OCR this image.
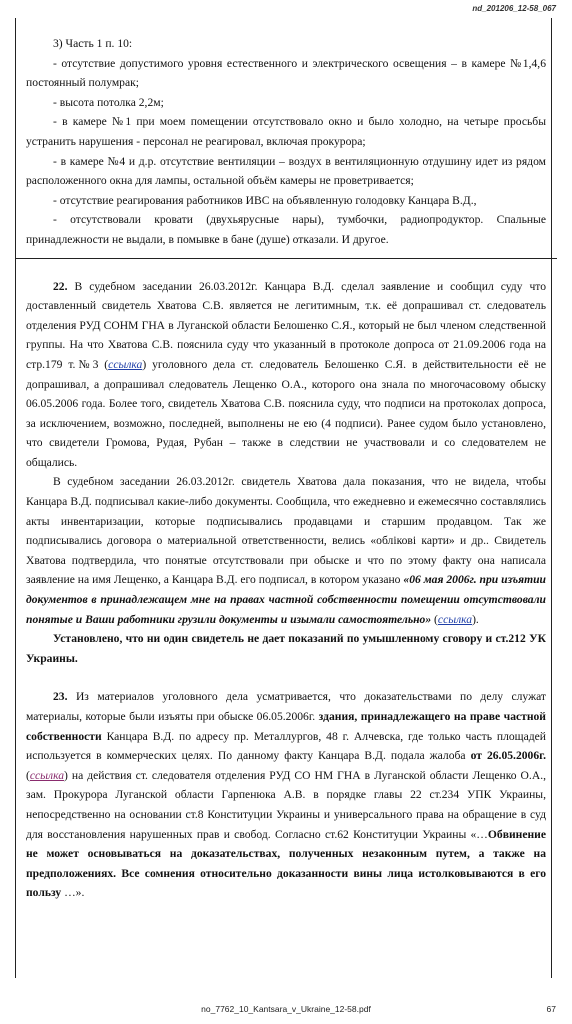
nd_201206_12-58_067

3) Часть 1 п. 10:

- отсутствие допустимого уровня естественного и электрического освещения – в камере №1,4,6 постоянный полумрак;

- высота потолка 2,2м;

- в камере №1 при моем помещении отсутствовало окно и было холодно, на четыре просьбы устранить нарушения - персонал не реагировал, включая прокурора;

- в камере №4 и д.р. отсутствие вентиляции – воздух в вентиляционную отдушину идет из рядом расположенного окна для лампы, остальной объём камеры не проветривается;

- отсутствие реагирования работников ИВС на объявленную голодовку Канцара В.Д.,

- отсутствовали кровати (двухьярусные нары), тумбочки, радиопродуктор. Спальные принадлежности не выдали, в помывке в бане (душе) отказали. И другое.

22. В судебном заседании 26.03.2012г. Канцара В.Д. сделал заявление и сообщил суду что доставленный свидетель Хватова С.В. является не легитимным, т.к. её допрашивал ст. следователь отделения РУД СОНМ ГНА в Луганской области Белошенко С.Я., который не был членом следственной группы. На что Хватова С.В. пояснила суду что указанный в протоколе допроса от 21.09.2006 года на стр.179 т.№3 (ссылка) уголовного дела ст. следователь Белошенко С.Я. в действительности её не допрашивал, а допрашивал следователь Лещенко О.А., которого она знала по многочасовому обыску 06.05.2006 года. Более того, свидетель Хватова С.В. пояснила суду, что подписи на протоколах допроса, за исключением, возможно, последней, выполнены не ею (4 подписи). Ранее судом было установлено, что свидетели Громова, Рудая, Рубан – также в следствии не участвовали и со следователем не общались.

В судебном заседании 26.03.2012г. свидетель Хватова дала показания, что не видела, чтобы Канцара В.Д. подписывал какие-либо документы. Сообщила, что ежедневно и ежемесячно составлялись акты инвентаризации, которые подписывались продавцами и старшим продавцом. Так же подписывались договора о материальной ответственности, велись «облікові карти» и др.. Свидетель Хватова подтвердила, что понятые отсутствовали при обыске и что по этому факту она написала заявление на имя Лещенко, а Канцара В.Д. его подписал, в котором указано «06 мая 2006г. при изъятии документов в принадлежащем мне на правах частной собственности помещении отсутствовали понятые и Ваши работники грузили документы и изымали самостоятельно» (ссылка).

Установлено, что ни один свидетель не дает показаний по умышленному сговору и ст.212 УК Украины.

23. Из материалов уголовного дела усматривается, что доказательствами по делу служат материалы, которые были изъяты при обыске 06.05.2006г. здания, принадлежащего на праве частной собственности Канцара В.Д. по адресу пр. Металлургов, 48 г. Алчевска, где только часть площадей используется в коммерческих целях. По данному факту Канцара В.Д. подала жалоба от 26.05.2006г. (ссылка) на действия ст. следователя отделения РУД СО НМ ГНА в Луганской области Лещенко О.А., зам. Прокурора Луганской области Гарпенюка А.В. в порядке главы 22 ст.234 УПК Украины, непосредственно на основании ст.8 Конституции Украины и универсального права на обращение в суд для восстановления нарушенных прав и свобод. Согласно ст.62 Конституции Украины «…Обвинение не может основываться на доказательствах, полученных незаконным путем, а также на предположениях. Все сомнения относительно доказанности вины лица истолковываются в его пользу …».

no_7762_10_Kantsara_v_Ukraine_12-58.pdf	67
